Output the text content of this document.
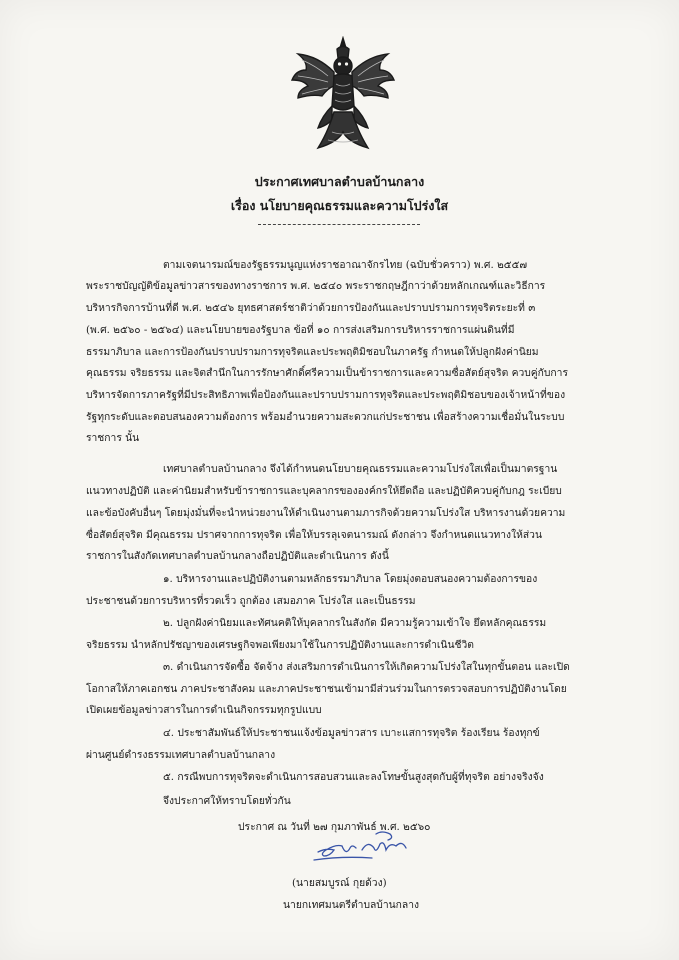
ประกาศเทศบาลตำบลบ้านกลาง
เรื่อง นโยบายคุณธรรมและความโปร่งใส
ตามเจตนารมณ์ของรัฐธรรมนูญแห่งราชอาณาจักรไทย (ฉบับชั่วคราว) พ.ศ. ๒๕๕๗
พระราชบัญญัติข้อมูลข่าวสารของทางราชการ พ.ศ. ๒๕๔๐ พระราชกฤษฎีกาว่าด้วยหลักเกณฑ์และวิธีการ
บริหารกิจการบ้านที่ดี พ.ศ. ๒๕๔๖ ยุทธศาสตร์ชาติว่าด้วยการป้องกันและปราบปรามการทุจริตระยะที่ ๓
(พ.ศ. ๒๕๖๐ - ๒๕๖๔) และนโยบายของรัฐบาล ข้อที่ ๑๐ การส่งเสริมการบริหารราชการแผ่นดินที่มี
ธรรมาภิบาล และการป้องกันปราบปรามการทุจริตและประพฤติมิชอบในภาครัฐ กำหนดให้ปลูกฝังค่านิยม
คุณธรรม จริยธรรม และจิตสำนึกในการรักษาศักดิ์ศรีความเป็นข้าราชการและความซื่อสัตย์สุจริต ควบคู่กับการ
บริหารจัดการภาครัฐที่มีประสิทธิภาพเพื่อป้องกันและปราบปรามการทุจริตและประพฤติมิชอบของเจ้าหน้าที่ของ
รัฐทุกระดับและตอบสนองความต้องการ พร้อมอำนวยความสะดวกแก่ประชาชน เพื่อสร้างความเชื่อมั่นในระบบ
ราชการ นั้น
เทศบาลตำบลบ้านกลาง จึงได้กำหนดนโยบายคุณธรรมและความโปร่งใสเพื่อเป็นมาตรฐาน
แนวทางปฏิบัติ และค่านิยมสำหรับข้าราชการและบุคลากรขององค์กรให้ยึดถือ และปฏิบัติควบคู่กับกฎ ระเบียบ
และข้อบังคับอื่นๆ โดยมุ่งมั่นที่จะนำหน่วยงานให้ดำเนินงานตามภารกิจด้วยความโปร่งใส บริหารงานด้วยความ
ซื่อสัตย์สุจริต มีคุณธรรม ปราศจากการทุจริต เพื่อให้บรรลุเจตนารมณ์ ดังกล่าว จึงกำหนดแนวทางให้ส่วน
ราชการในสังกัดเทศบาลตำบลบ้านกลางถือปฏิบัติและดำเนินการ ดังนี้
๑. บริหารงานและปฏิบัติงานตามหลักธรรมาภิบาล โดยมุ่งตอบสนองความต้องการของ
ประชาชนด้วยการบริหารที่รวดเร็ว ถูกต้อง เสมอภาค โปร่งใส และเป็นธรรม
๒. ปลูกฝังค่านิยมและทัศนคติให้บุคลากรในสังกัด มีความรู้ความเข้าใจ ยึดหลักคุณธรรม
จริยธรรม นำหลักปรัชญาของเศรษฐกิจพอเพียงมาใช้ในการปฏิบัติงานและการดำเนินชีวิต
๓. ดำเนินการจัดซื้อ จัดจ้าง ส่งเสริมการดำเนินการให้เกิดความโปร่งใสในทุกขั้นตอน และเปิด
โอกาสให้ภาคเอกชน ภาคประชาสังคม และภาคประชาชนเข้ามามีส่วนร่วมในการตรวจสอบการปฏิบัติงานโดย
เปิดเผยข้อมูลข่าวสารในการดำเนินกิจกรรมทุกรูปแบบ
๔. ประชาสัมพันธ์ให้ประชาชนแจ้งข้อมูลข่าวสาร เบาะแสการทุจริต ร้องเรียน ร้องทุกข์
ผ่านศูนย์ดำรงธรรมเทศบาลตำบลบ้านกลาง
๕. กรณีพบการทุจริตจะดำเนินการสอบสวนและลงโทษขั้นสูงสุดกับผู้ที่ทุจริต อย่างจริงจัง
จึงประกาศให้ทราบโดยทั่วกัน
ประกาศ ณ วันที่ ๒๗ กุมภาพันธ์ พ.ศ. ๒๕๖๐
(นายสมบูรณ์ กุยด้วง)
นายกเทศมนตรีตำบลบ้านกลาง
